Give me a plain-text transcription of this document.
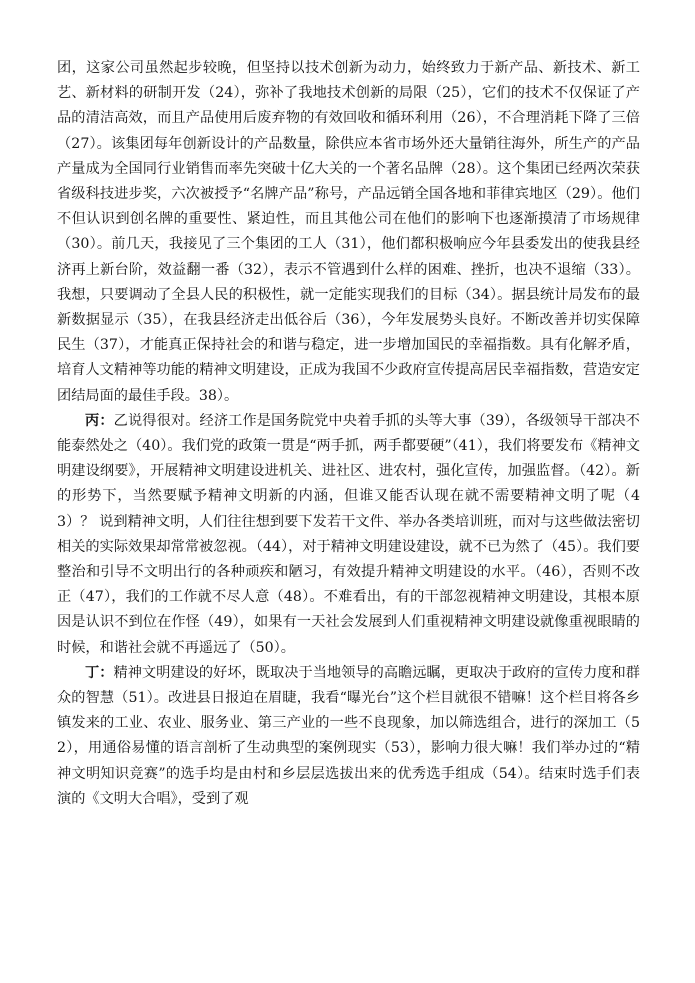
团，这家公司虽然起步较晚，但坚持以技术创新为动力，始终致力于新产品、新技术、新工艺、新材料的研制开发（24），弥补了我地技术创新的局限（25），它们的技术不仅保证了产品的清洁高效，而且产品使用后废弃物的有效回收和循环利用（26），不合理消耗下降了三倍（27）。该集团每年创新设计的产品数量，除供应本省市场外还大量销往海外，所生产的产品产量成为全国同行业销售而率先突破十亿大关的一个著名品牌（28）。这个集团已经两次荣获省级科技进步奖，六次被授予“名牌产品”称号，产品远销全国各地和菲律宾地区（29）。他们不但认识到创名牌的重要性、紧迫性，而且其他公司在他们的影响下也逐渐摸清了市场规律（30）。前几天，我接见了三个集团的工人（31），他们都积极响应今年县委发出的使我县经济再上新台阶，效益翻一番（32），表示不管遇到什么样的困难、挫折，也决不退缩（33）。我想，只要调动了全县人民的积极性，就一定能实现我们的目标（34）。据县统计局发布的最新数据显示（35），在我县经济走出低谷后（36），今年发展势头良好。不断改善并切实保障民生（37），才能真正保持社会的和谐与稳定，进一步增加国民的幸福指数。具有化解矛盾，培育人文精神等功能的精神文明建设，正成为我国不少政府宣传提高居民幸福指数，营造安定团结局面的最佳手段。38）。

丙：乙说得很对。经济工作是国务院党中央着手抓的头等大事（39），各级领导干部决不能泰然处之（40）。我们党的政策一贯是“两手抓，两手都要硬”（41），我们将要发布《精神文明建设纲要》，开展精神文明建设进机关、进社区、进农村，强化宣传，加强监督。（42）。新的形势下，当然要赋予精神文明新的内涵，但谁又能否认现在就不需要精神文明了呢（43）？ 说到精神文明，人们往往想到要下发若干文件、举办各类培训班，而对与这些做法密切相关的实际效果却常常被忽视。（44），对于精神文明建设建设，就不已为然了（45）。我们要整治和引导不文明出行的各种顽疾和陋习，有效提升精神文明建设的水平。（46），否则不改正（47），我们的工作就不尽人意（48）。不难看出，有的干部忽视精神文明建设，其根本原因是认识不到位在作怪（49），如果有一天社会发展到人们重视精神文明建设就像重视眼睛的时候，和谐社会就不再遥远了（50）。

丁：精神文明建设的好坏，既取决于当地领导的高瞻远瞩，更取决于政府的宣传力度和群众的智慧（51）。改进县日报迫在眉睫，我看“曝光台”这个栏目就很不错嘛！这个栏目将各乡镇发来的工业、农业、服务业、第三产业的一些不良现象，加以筛选组合，进行的深加工（52），用通俗易懂的语言剖析了生动典型的案例现实（53），影响力很大嘛！我们举办过的“精神文明知识竞赛”的选手均是由村和乡层层选拔出来的优秀选手组成（54）。结束时选手们表演的《文明大合唱》，受到了观
